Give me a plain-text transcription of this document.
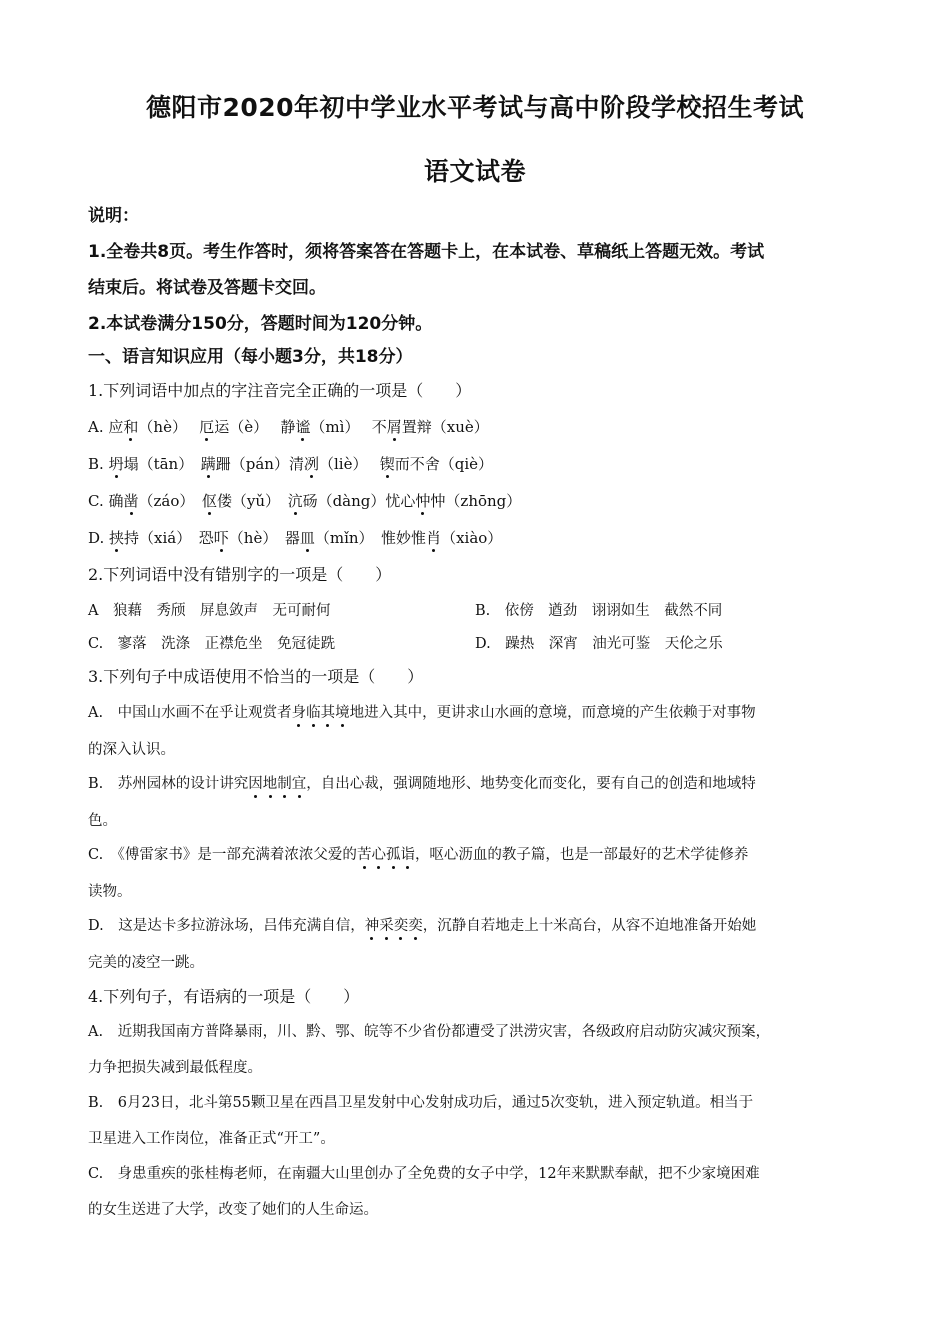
德阳市2020年初中学业水平考试与高中阶段学校招生考试
语文试卷
说明：
1.全卷共8页。考生作答时，须将答案答在答题卡上，在本试卷、草稿纸上答题无效。考试
结束后。将试卷及答题卡交回。
2.本试卷满分150分，答题时间为120分钟。
一、语言知识应用（每小题3分，共18分）
1.下列词语中加点的字注音完全正确的一项是（　　）
A. 应和（hè）　 厄运（è）　 静谧（mì）　 不屑置辩（xuè）
B. 坍塌（tān）　蹒跚（pán）清冽（liè）　 锲而不舍（qiè）
C. 确凿（záo）　伛偻（yǔ）　沆砀（dàng）忧心忡忡（zhōng）
D. 挟持（xiá）　恐吓（hè）　器皿（mǐn）　惟妙惟肖（xiào）
2.下列词语中没有错别字的一项是（　　）
A　狼藉　秀颀　屏息敛声　无可耐何	B.　依傍　遒劲　诩诩如生　截然不同
C.　寥落　洗涤　正襟危坐　免冠徒跣	D.　躁热　深宵　油光可鉴　天伦之乐
3.下列句子中成语使用不恰当的一项是（　　）
A.　中国山水画不在乎让观赏者身临其境地进入其中，更讲求山水画的意境，而意境的产生依赖于对事物
的深入认识。
B.　苏州园林的设计讲究因地制宜，自出心裁，强调随地形、地势变化而变化，要有自己的创造和地域特
色。
C.　《傅雷家书》是一部充满着浓浓父爱的苦心孤诣，呕心沥血的教子篇，也是一部最好的艺术学徒修养
读物。
D.　这是达卡多拉游泳场，吕伟充满自信，神采奕奕，沉静自若地走上十米高台，从容不迫地准备开始她
完美的凌空一跳。
4.下列句子，有语病的一项是（　　）
A.　近期我国南方普降暴雨，川、黔、鄂、皖等不少省份都遭受了洪涝灾害，各级政府启动防灾减灾预案，
力争把损失减到最低程度。
B.　6月23日，北斗第55颗卫星在西昌卫星发射中心发射成功后，通过5次变轨，进入预定轨道。相当于
卫星进入工作岗位，准备正式“开工”。
C.　身患重疾的张桂梅老师，在南疆大山里创办了全免费的女子中学，12年来默默奉献，把不少家境困难
的女生送进了大学，改变了她们的人生命运。
